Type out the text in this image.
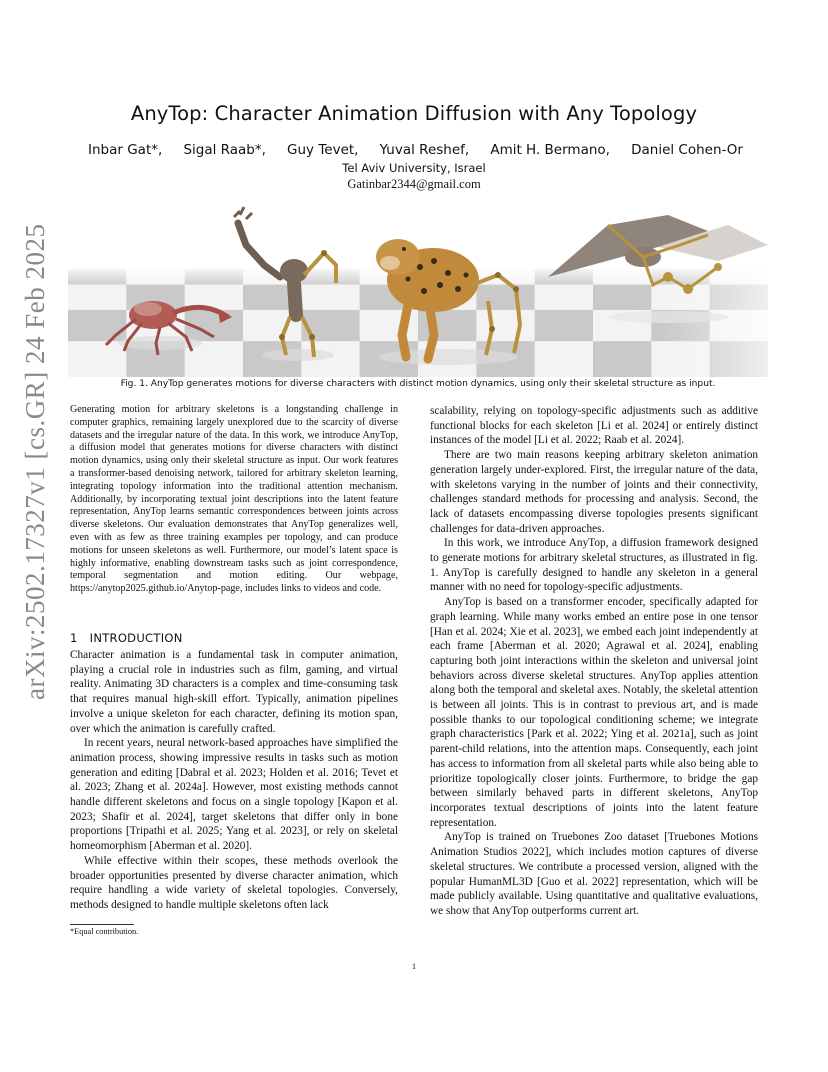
AnyTop: Character Animation Diffusion with Any Topology
Inbar Gat*, Sigal Raab*, Guy Tevet, Yuval Reshef, Amit H. Bermano, Daniel Cohen-Or
Tel Aviv University, Israel
Gatinbar2344@gmail.com
arXiv:2502.17327v1 [cs.GR] 24 Feb 2025	Fig. 1. AnyTop generates motions for diverse characters with distinct motion dynamics, using only their skeletal structure as input.
Generating motion for arbitrary skeletons is a longstanding challenge in computer graphics, remaining largely unexplored due to the scarcity of diverse datasets and the irregular nature of the data. In this work, we introduce AnyTop, a diffusion model that generates motions for diverse characters with distinct motion dynamics, using only their skeletal structure as input. Our work features a transformer-based denoising network, tailored for arbitrary skeleton learning, integrating topology information into the traditional attention mechanism. Additionally, by incorporating textual joint descriptions into the latent feature representation, AnyTop learns semantic correspondences between joints across diverse skeletons. Our evaluation demonstrates that AnyTop generalizes well, even with as few as three training examples per topology, and can produce motions for unseen skeletons as well. Furthermore, our model’s latent space is highly informative, enabling downstream tasks such as joint correspondence, temporal segmentation and motion editing. Our webpage, https://anytop2025.github.io/Anytop-page, includes links to videos and code.
1 INTRODUCTION

Character animation is a fundamental task in computer animation, playing a crucial role in industries such as film, gaming, and virtual reality. Animating 3D characters is a complex and time-consuming task that requires manual high-skill effort. Typically, animation pipelines involve a unique skeleton for each character, defining its motion span, over which the animation is carefully crafted.

In recent years, neural network-based approaches have simplified the animation process, showing impressive results in tasks such as motion generation and editing [Dabral et al. 2023; Holden et al. 2016; Tevet et al. 2023; Zhang et al. 2024a]. However, most existing methods cannot handle different skeletons and focus on a single topology [Kapon et al. 2023; Shafir et al. 2024], target skeletons that differ only in bone proportions [Tripathi et al. 2025; Yang et al. 2023], or rely on skeletal homeomorphism [Aberman et al. 2020].

While effective within their scopes, these methods overlook the broader opportunities presented by diverse character animation, which require handling a wide variety of skeletal topologies. Conversely, methods designed to handle multiple skeletons often lack

scalability, relying on topology-specific adjustments such as additive functional blocks for each skeleton [Li et al. 2024] or entirely distinct instances of the model [Li et al. 2022; Raab et al. 2024].

There are two main reasons keeping arbitrary skeleton animation generation largely under-explored. First, the irregular nature of the data, with skeletons varying in the number of joints and their connectivity, challenges standard methods for processing and analysis. Second, the lack of datasets encompassing diverse topologies presents significant challenges for data-driven approaches.

In this work, we introduce AnyTop, a diffusion framework designed to generate motions for arbitrary skeletal structures, as illustrated in fig. 1. AnyTop is carefully designed to handle any skeleton in a general manner with no need for topology-specific adjustments.

AnyTop is based on a transformer encoder, specifically adapted for graph learning. While many works embed an entire pose in one tensor [Han et al. 2024; Xie et al. 2023], we embed each joint independently at each frame [Aberman et al. 2020; Agrawal et al. 2024], enabling capturing both joint interactions within the skeleton and universal joint behaviors across diverse skeletal structures. AnyTop applies attention along both the temporal and skeletal axes. Notably, the skeletal attention is between all joints. This is in contrast to previous art, and is made possible thanks to our topological conditioning scheme; we integrate graph characteristics [Park et al. 2022; Ying et al. 2021a], such as joint parent-child relations, into the attention maps. Consequently, each joint has access to information from all skeletal parts while also being able to prioritize topologically closer joints. Furthermore, to bridge the gap between similarly behaved parts in different skeletons, AnyTop incorporates textual descriptions of joints into the latent feature representation.

AnyTop is trained on Truebones Zoo dataset [Truebones Motions Animation Studios 2022], which includes motion captures of diverse skeletal structures. We contribute a processed version, aligned with the popular HumanML3D [Guo et al. 2022] representation, which will be made publicly available. Using quantitative and qualitative evaluations, we show that AnyTop outperforms current art.

*Equal contribution.
1
